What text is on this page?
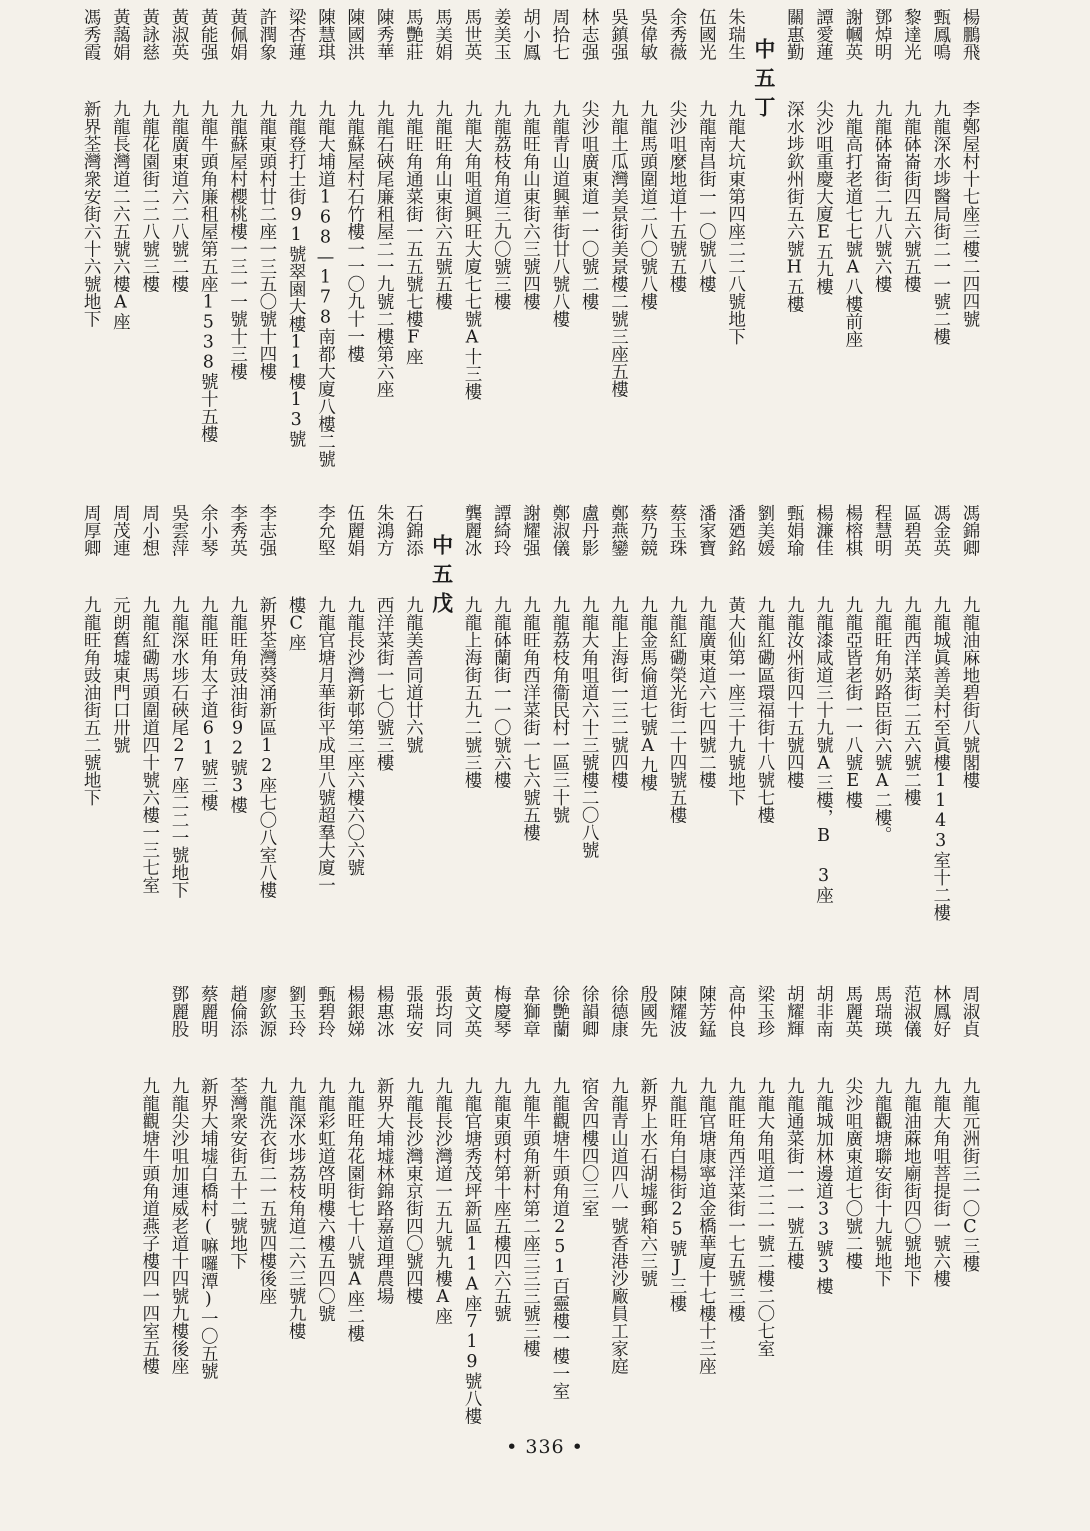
楊鵬飛
李鄭屋村十七座三樓二四四號
甄鳳鳴
九龍深水埗醫局街二一一號二樓
黎達光
九龍砵崙街四五六號五樓
鄧焯明
九龍砵崙街二九八號六樓
謝幗英
九龍高打老道七七號A八樓前座
譚愛蓮
尖沙咀重慶大廈E五九樓
關惠勤
深水埗欽州街五六號H五樓
中五丁
朱瑞生
九龍大坑東第四座二二八號地下
伍國光
九龍南昌街一一〇號八樓
余秀薇
尖沙咀麼地道十五號五樓
吳偉敏
九龍馬頭圍道二八〇號八樓
吳鎮强
九龍土瓜灣美景街美景樓二號三座五樓
林志强
尖沙咀廣東道一一〇號二樓
周拾七
九龍青山道興華街廿八號八樓
胡小鳳
九龍旺角山東街六三號四樓
姜美玉
九龍荔枝角道三九〇號三樓
馬世英
九龍大角咀道興旺大廈七七號A十三樓
馬美娟
九龍旺角山東街六五號五樓
馬艷莊
九龍旺角通菜街一五五號七樓F座
陳秀華
九龍石硤尾廉租屋二一九號二樓第六座
陳國洪
九龍蘇屋村石竹樓一一〇九十一樓
陳慧琪
九龍大埔道168—178南都大廈八樓二號
梁杏蓮
九龍登打士街91號翠園大樓11樓13號
許潤象
九龍東頭村廿二座一三五〇號十四樓
黃佩娟
九龍蘇屋村櫻桃樓一三一一號十三樓
黃能强
九龍牛頭角廉租屋第五座1538號十五樓
黃淑英
九龍廣東道六二八號二樓
黃詠慈
九龍花園街二二八號三樓
黃藹娟
九龍長灣道二六五號六樓A座
馮秀霞
新界荃灣衆安街六十六號地下
馮錦卿
九龍油麻地碧街八號閣樓
馮金英
九龍城眞善美村至眞樓1143室十二樓
區碧英
九龍西洋菜街二五六號二樓
程慧明
九龍旺角奶路臣街六號A二樓。
楊榕棋
九龍亞皆老街一一八號E樓
楊濂佳
九龍漆咸道三十九號A三樓，B 3座
甄娟瑜
九龍汝州街四十五號四樓
劉美媛
九龍紅磡區環福街十八號七樓
潘廼銘
黃大仙第一座三十九號地下
潘家寶
九龍廣東道六七四號二樓
蔡玉珠
九龍紅磡榮光街二十四號五樓
蔡乃競
九龍金馬倫道七號A九樓
鄭燕鑾
九龍上海街一三二號四樓
盧丹影
九龍大角咀道六十三號樓二〇八號
鄭淑儀
九龍荔枝角衞民村一區三十號
謝耀强
九龍旺角西洋菜街一七六號五樓
譚綺玲
九龍砵蘭街一一〇號六樓
龔麗冰
九龍上海街五九二號三樓
中五戊
石錦添
九龍美善同道廿六號
朱鴻方
西洋菜街一七〇號三樓
伍麗娟
九龍長沙灣新邨第三座六樓六〇六號
李允堅
九龍官塘月華街平成里八號超羣大廈一
樓C座
李志强
新界荃灣葵涌新區12座七〇八室八樓
李秀英
九龍旺角豉油街92號3樓
余小琴
九龍旺角太子道61號三樓
吳雲萍
九龍深水埗石硤尾27座二二一號地下
周小想
九龍紅磡馬頭圍道四十號六樓一三七室
周茂連
元朗舊墟東門口卅號
周厚卿
九龍旺角豉油街五二號地下
周淑貞
九龍元洲街三一〇C三樓
林鳳好
九龍大角咀菩提街一號六樓
范淑儀
九龍油蔴地廟街四〇號地下
馬瑞瑛
九龍觀塘聯安街十九號地下
馬麗英
尖沙咀廣東道七〇號二樓
胡非南
九龍城加林邊道33號3樓
胡耀輝
九龍通菜街一一一號五樓
梁玉珍
九龍大角咀道二二一號二樓二〇七室
高仲良
九龍旺角西洋菜街一七五號三樓
陳芳錳
九龍官塘康寧道金橋華廈十七樓十三座
陳耀波
九龍旺角白楊街25號J三樓
殷國先
新界上水石湖墟郵箱六三號
徐德康
九龍青山道四八一號香港沙廠員工家庭
徐韻卿
宿舍四樓四〇三室
徐艷蘭
九龍觀塘牛頭角道251百靈樓一樓一室
韋獅章
九龍牛頭角新村第二座三三三號三樓
梅慶琴
九龍東頭村第十座五樓四六五號
黃文英
九龍官塘秀茂坪新區11A座719號八樓
張均同
九龍長沙灣道一五九號九樓A座
張瑞安
九龍長沙灣東京街四〇號四樓
楊惠冰
新界大埔墟林錦路嘉道理農場
楊銀娣
九龍旺角花園街七十八號A座二樓
甄碧玲
九龍彩虹道啓明樓六樓五四〇號
劉玉玲
九龍深水埗荔枝角道二六三號九樓
廖欽源
九龍洗衣街二一五號四樓後座
趙倫添
荃灣衆安街五十二號地下
蔡麗明
新界大埔墟白橋村(嘛囉潭)一〇五號
鄧麗股
九龍尖沙咀加連威老道十四號九樓後座
九龍觀塘牛頭角道燕子樓四一四室五樓
• 336 •
